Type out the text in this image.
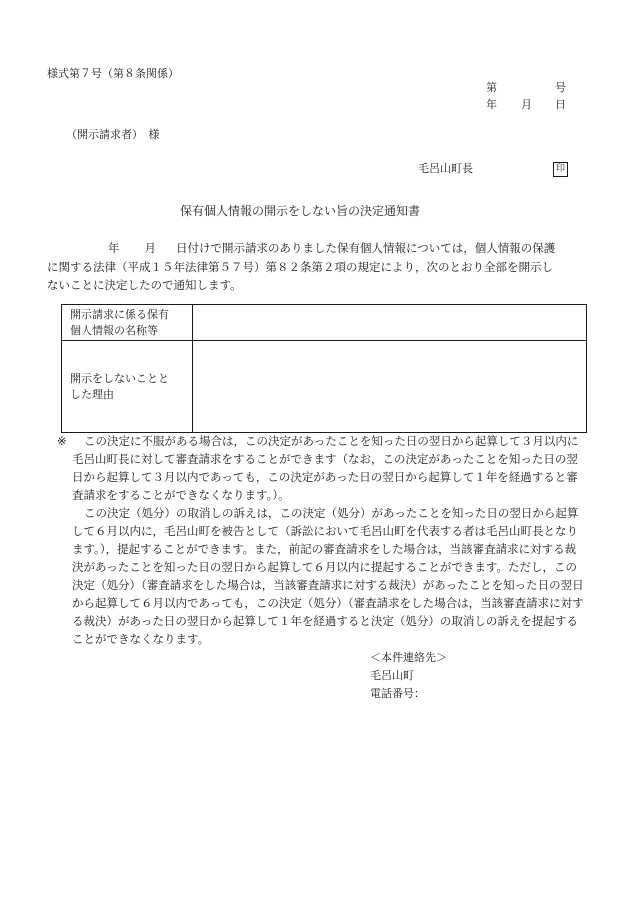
様式第７号（第８条関係）
第	号
年 月 日
（開示請求者）　様
毛呂山町長	印
保有個人情報の開示をしない旨の決定通知書
年 月 日付けで開示請求のありました保有個人情報については，個人情報の保護
に関する法律（平成１５年法律第５７号）第８２条第２項の規定により，次のとおり全部を開示し
ないことに決定したので通知します。
開示請求に係る保有
個人情報の名称等	

開示をしないことと
した理由	

※ この決定に不服がある場合は，この決定があったことを知った日の翌日から起算して３月以内に
毛呂山町長に対して審査請求をすることができます（なお，この決定があったことを知った日の翌
日から起算して３月以内であっても，この決定があった日の翌日から起算して１年を経過すると審
査請求をすることができなくなります。）。
この決定（処分）の取消しの訴えは，この決定（処分）があったことを知った日の翌日から起算
して６月以内に，毛呂山町を被告として（訴訟において毛呂山町を代表する者は毛呂山町長となり
ます。），提起することができます。また，前記の審査請求をした場合は，当該審査請求に対する裁
決があったことを知った日の翌日から起算して６月以内に提起することができます。ただし，この
決定（処分）（審査請求をした場合は，当該審査請求に対する裁決）があったことを知った日の翌日
から起算して６月以内であっても，この決定（処分）（審査請求をした場合は，当該審査請求に対す
る裁決）があった日の翌日から起算して１年を経過すると決定（処分）の取消しの訴えを提起する
ことができなくなります。
＜本件連絡先＞
毛呂山町
電話番号：
